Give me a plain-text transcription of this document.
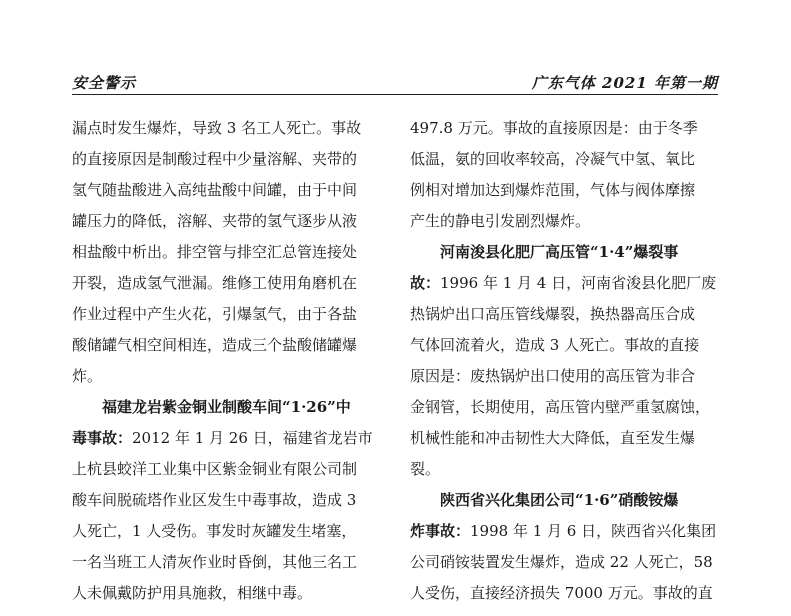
安全警示	广东气体 2021 年第一期

漏点时发生爆炸，导致 3 名工人死亡。事故
的直接原因是制酸过程中少量溶解、夹带的
氢气随盐酸进入高纯盐酸中间罐，由于中间
罐压力的降低，溶解、夹带的氢气逐步从液
相盐酸中析出。排空管与排空汇总管连接处
开裂，造成氢气泄漏。维修工使用角磨机在
作业过程中产生火花，引爆氢气，由于各盐
酸储罐气相空间相连，造成三个盐酸储罐爆
炸。

福建龙岩紫金铜业制酸车间“1·26”中
毒事故：2012 年 1 月 26 日，福建省龙岩市
上杭县蛟洋工业集中区紫金铜业有限公司制
酸车间脱硫塔作业区发生中毒事故，造成 3
人死亡，1 人受伤。事发时灰罐发生堵塞，
一名当班工人清灰作业时昏倒，其他三名工
人未佩戴防护用具施救，相继中毒。

497.8 万元。事故的直接原因是：由于冬季
低温，氨的回收率较高，冷凝气中氢、氧比
例相对增加达到爆炸范围，气体与阀体摩擦
产生的静电引发剧烈爆炸。

河南浚县化肥厂高压管“1·4”爆裂事
故：1996 年 1 月 4 日，河南省浚县化肥厂废
热锅炉出口高压管线爆裂，换热器高压合成
气体回流着火，造成 3 人死亡。事故的直接
原因是：废热锅炉出口使用的高压管为非合
金钢管，长期使用，高压管内壁严重氢腐蚀，
机械性能和冲击韧性大大降低，直至发生爆
裂。

陕西省兴化集团公司“1·6”硝酸铵爆
炸事故：1998 年 1 月 6 日，陕西省兴化集团
公司硝铵装置发生爆炸，造成 22 人死亡，58
人受伤，直接经济损失 7000 万元。事故的直
